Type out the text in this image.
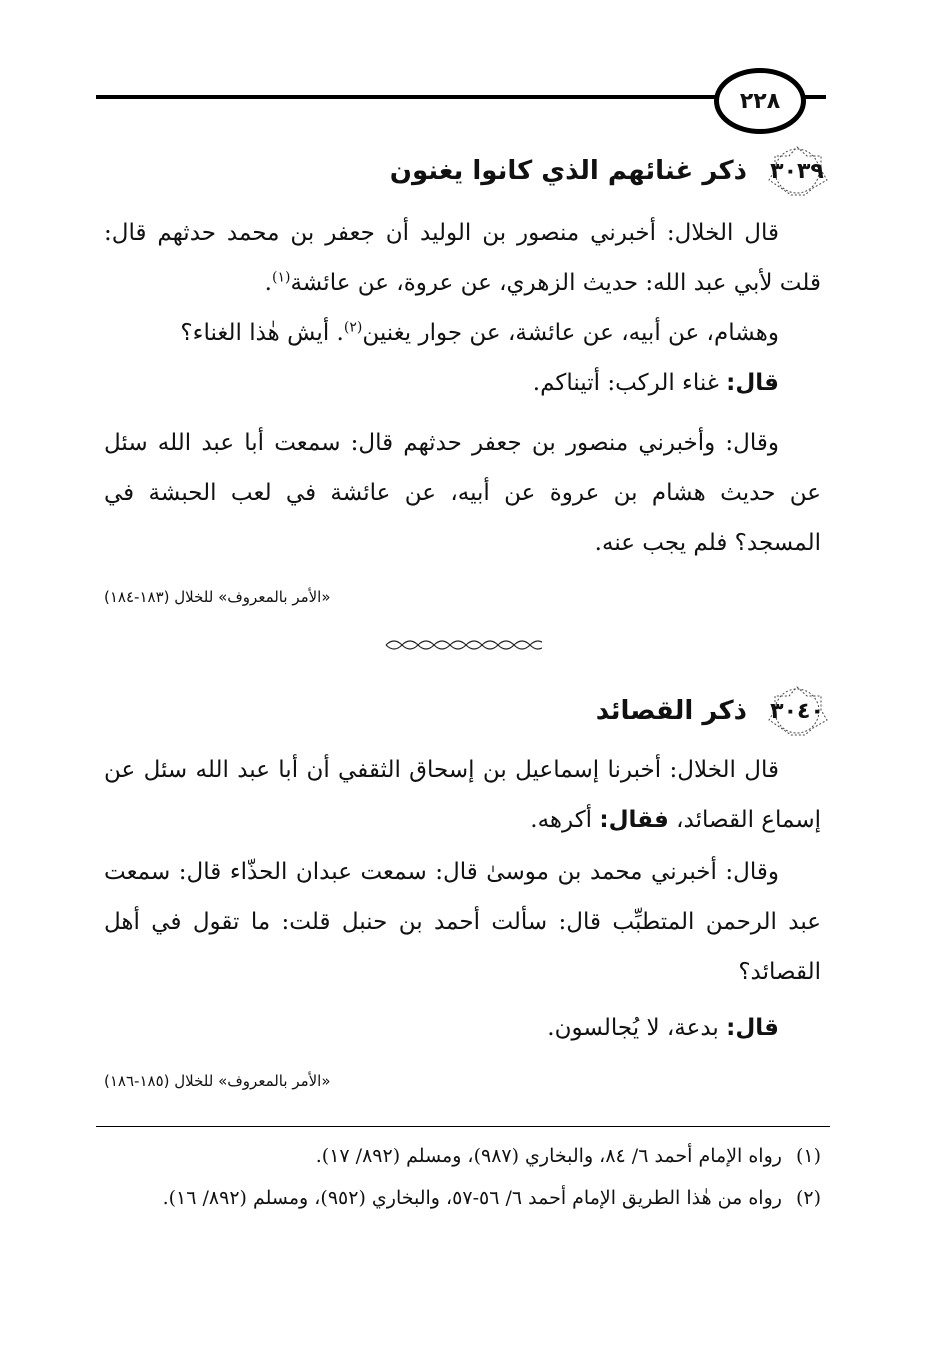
٢٢٨
٣٠٣٩
ذكر غنائهم الذي كانوا يغنون

قال الخلال: أخبرني منصور بن الوليد أن جعفر بن محمد حدثهم قال: قلت لأبي عبد الله: حديث الزهري، عن عروة، عن عائشة$^{(١)}$.

وهشام، عن أبيه، عن عائشة، عن جوار يغنين$^{(٢)}$. أيش هٰذا الغناء؟

قال: غناء الركب: أتيناكم.

وقال: وأخبرني منصور بن جعفر حدثهم قال: سمعت أبا عبد الله سئل عن حديث هشام بن عروة عن أبيه، عن عائشة في لعب الحبشة في المسجد؟ فلم يجب عنه.

«الأمر بالمعروف» للخلال (١٨٣-١٨٤)
٣٠٤٠
ذكر القصائد

قال الخلال: أخبرنا إسماعيل بن إسحاق الثقفي أن أبا عبد الله سئل عن إسماع القصائد، فقال: أكرهه.

وقال: أخبرني محمد بن موسىٰ قال: سمعت عبدان الحذّاء قال: سمعت عبد الرحمن المتطبِّب قال: سألت أحمد بن حنبل قلت: ما تقول في أهل القصائد؟

قال: بدعة، لا يُجالسون.

«الأمر بالمعروف» للخلال (١٨٥-١٨٦)

(١)رواه الإمام أحمد ٦/ ٨٤، والبخاري (٩٨٧)، ومسلم (٨٩٢/ ١٧).

(٢)رواه من هٰذا الطريق الإمام أحمد ٦/ ٥٦-٥٧، والبخاري (٩٥٢)، ومسلم (٨٩٢/ ١٦).
